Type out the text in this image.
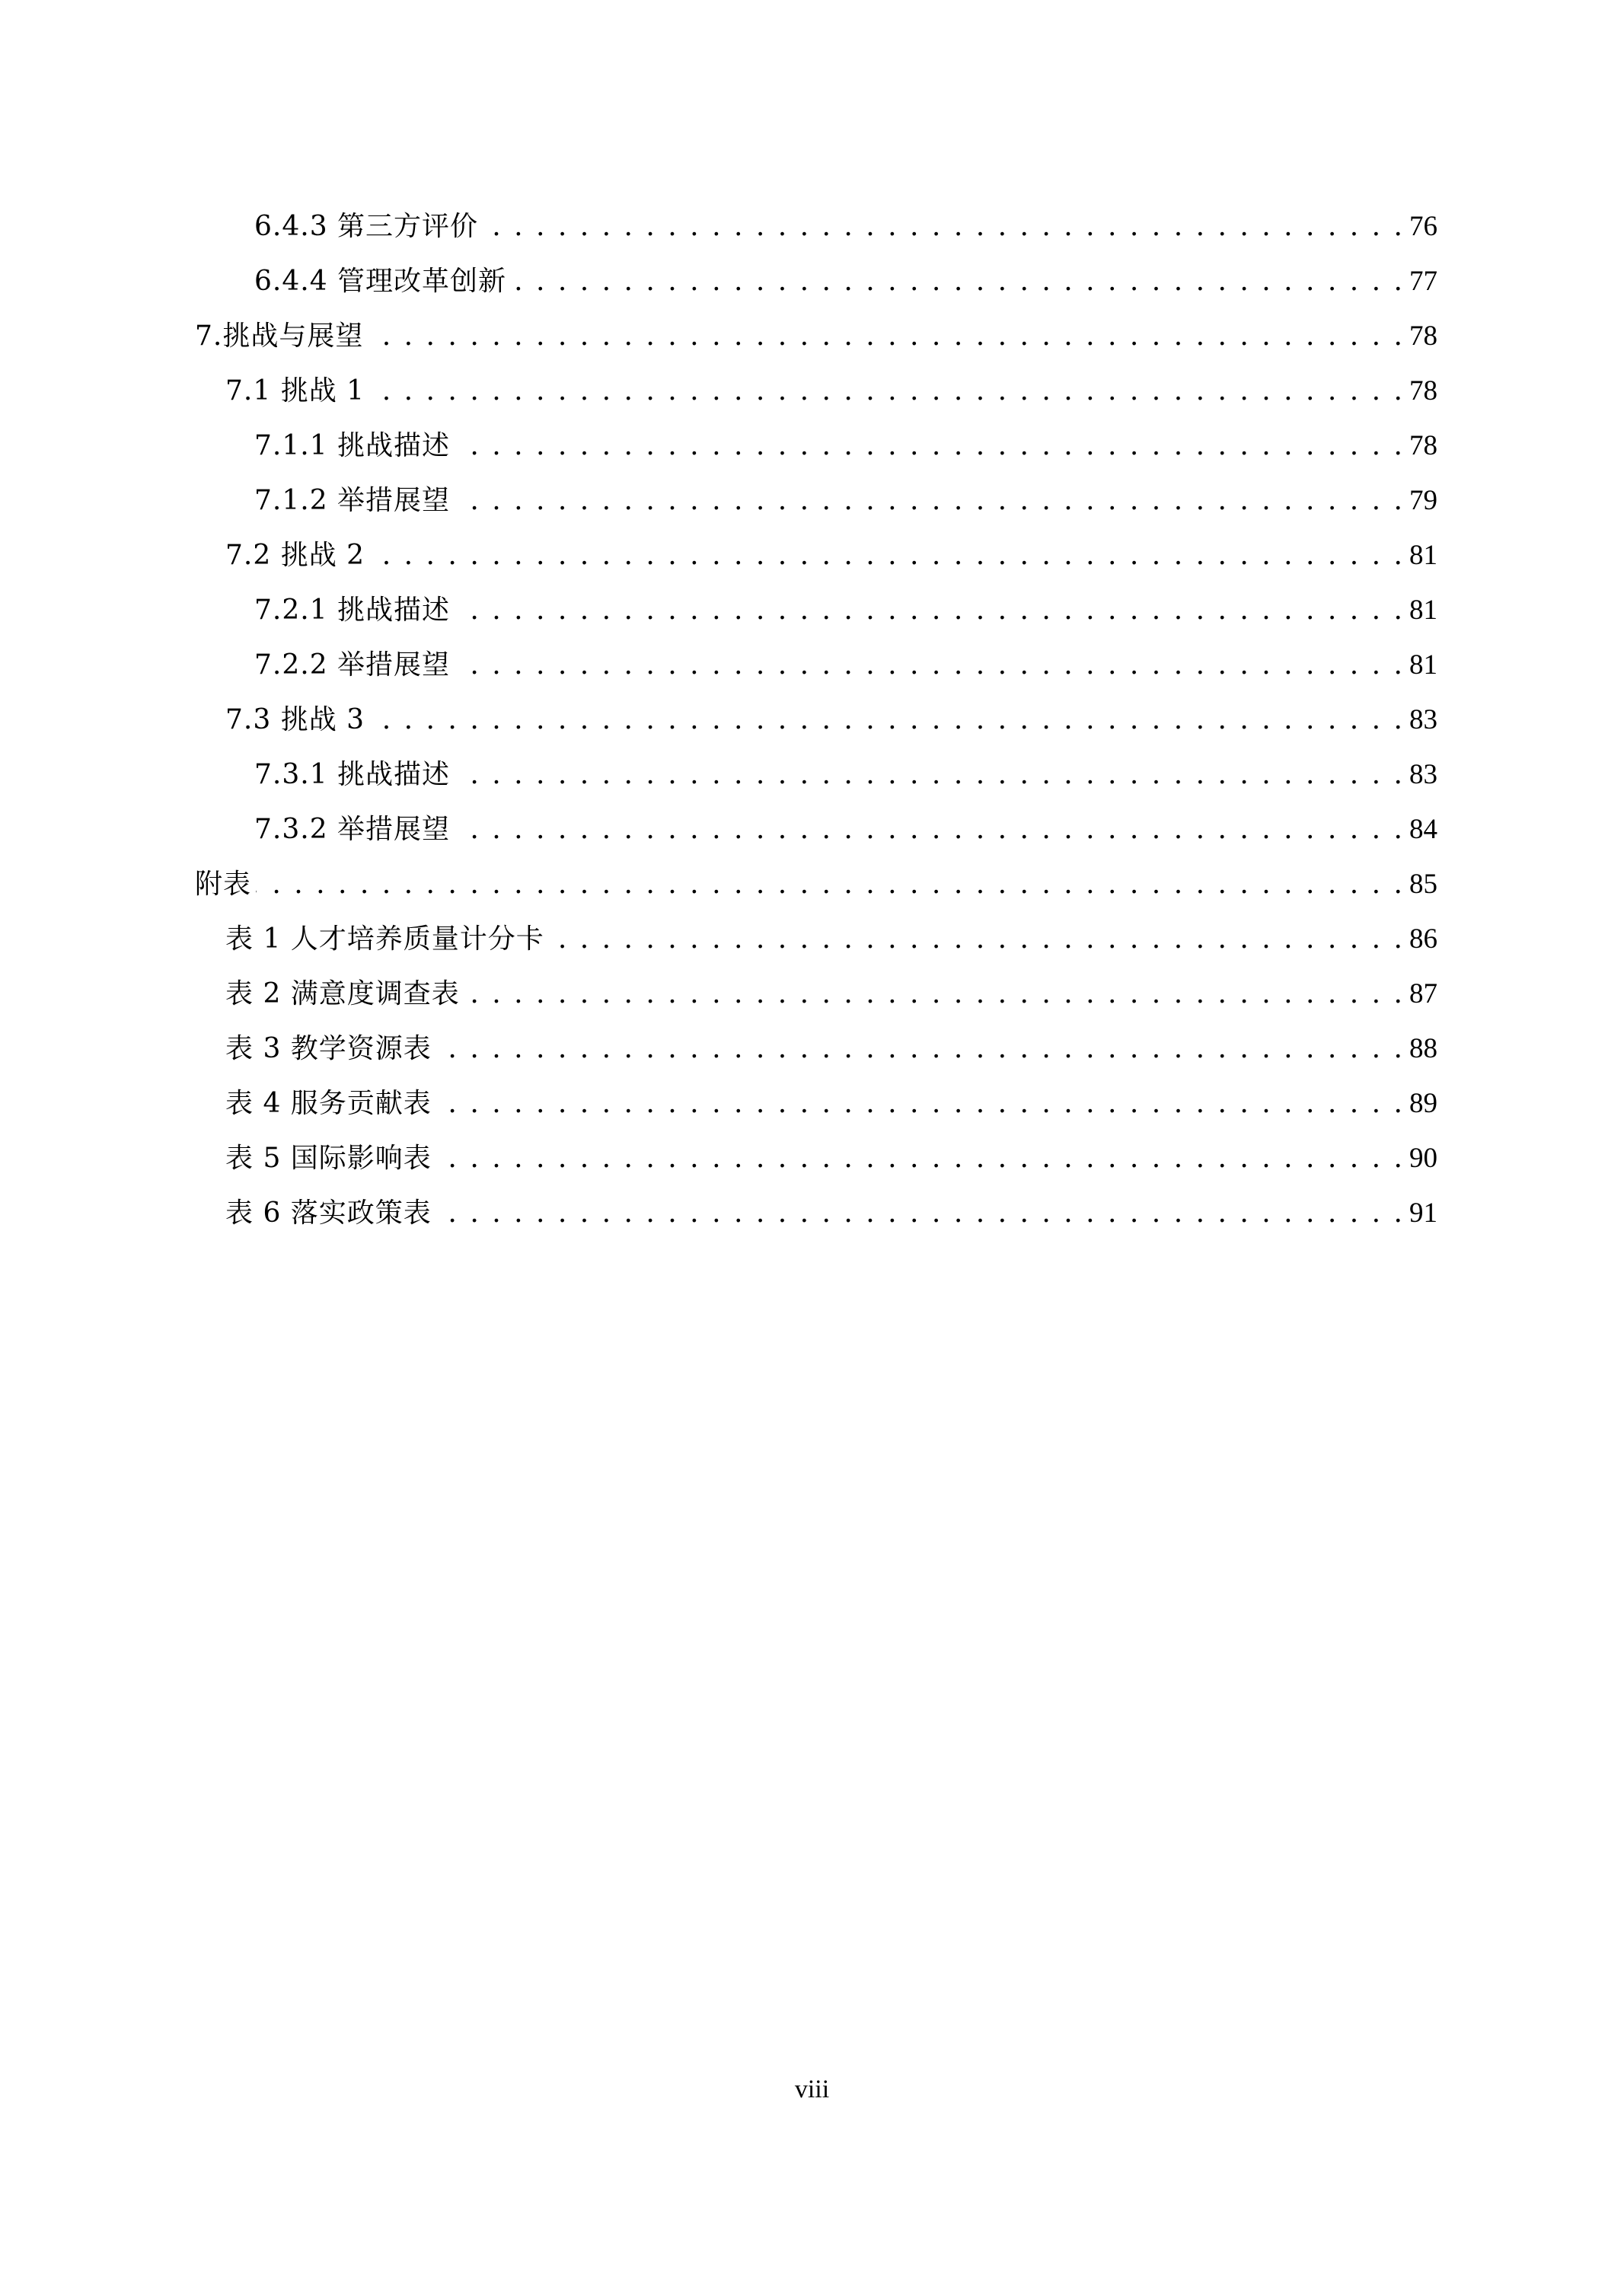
6.4.3 第三方评价 . . .	76
6.4.4 管理改革创新 . . .	77
7.挑战与展望 . . .	78
7.1 挑战 1 . . .	78
7.1.1 挑战描述 . . .	78
7.1.2 举措展望 . . .	79
7.2 挑战 2 . . .	81
7.2.1 挑战描述 . . .	81
7.2.2 举措展望 . . .	81
7.3 挑战 3 . . .	83
7.3.1 挑战描述 . . .	83
7.3.2 举措展望 . . .	84
附表 . . .	85
表 1 人才培养质量计分卡 . . .	86
表 2 满意度调查表 . . .	87
表 3 教学资源表 . . .	88
表 4 服务贡献表 . . .	89
表 5 国际影响表 . . .	90
表 6 落实政策表 . . .	91
viii
